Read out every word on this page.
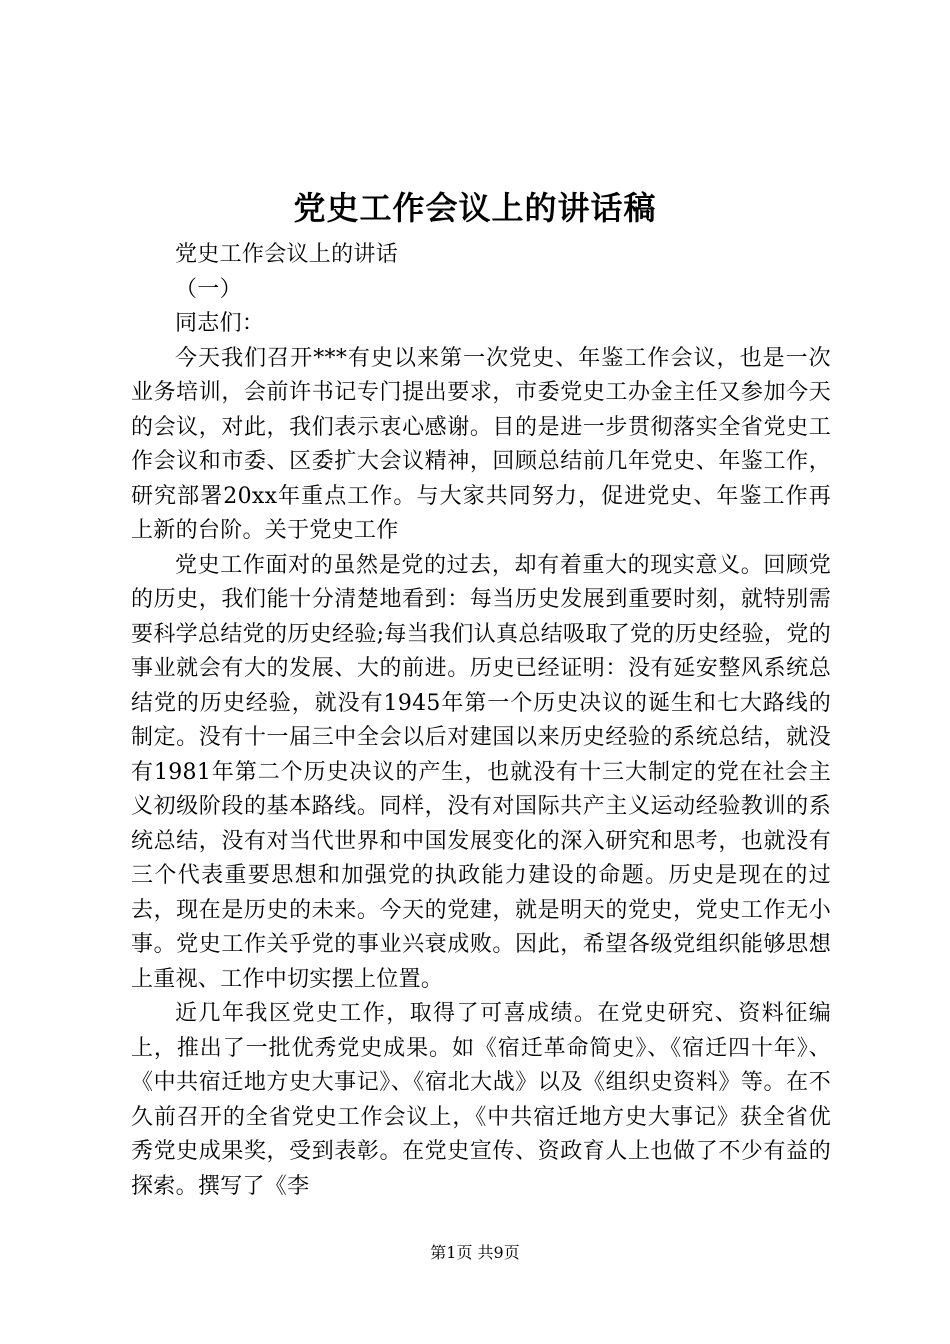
党史工作会议上的讲话稿

党史工作会议上的讲话

（一）

同志们：

今天我们召开***有史以来第一次党史、年鉴工作会议，也是一次业务培训，会前许书记专门提出要求，市委党史工办金主任又参加今天的会议，对此，我们表示衷心感谢。目的是进一步贯彻落实全省党史工作会议和市委、区委扩大会议精神，回顾总结前几年党史、年鉴工作，研究部署20xx年重点工作。与大家共同努力，促进党史、年鉴工作再上新的台阶。关于党史工作

党史工作面对的虽然是党的过去，却有着重大的现实意义。回顾党的历史，我们能十分清楚地看到：每当历史发展到重要时刻，就特别需要科学总结党的历史经验;每当我们认真总结吸取了党的历史经验，党的事业就会有大的发展、大的前进。历史已经证明：没有延安整风系统总结党的历史经验，就没有1945年第一个历史决议的诞生和七大路线的制定。没有十一届三中全会以后对建国以来历史经验的系统总结，就没有1981年第二个历史决议的产生，也就没有十三大制定的党在社会主义初级阶段的基本路线。同样，没有对国际共产主义运动经验教训的系统总结，没有对当代世界和中国发展变化的深入研究和思考，也就没有三个代表重要思想和加强党的执政能力建设的命题。历史是现在的过去，现在是历史的未来。今天的党建，就是明天的党史，党史工作无小事。党史工作关乎党的事业兴衰成败。因此，希望各级党组织能够思想上重视、工作中切实摆上位置。

近几年我区党史工作，取得了可喜成绩。在党史研究、资料征编上，推出了一批优秀党史成果。如《宿迁革命简史》、《宿迁四十年》、《中共宿迁地方史大事记》、《宿北大战》以及《组织史资料》等。在不久前召开的全省党史工作会议上，《中共宿迁地方史大事记》获全省优秀党史成果奖，受到表彰。在党史宣传、资政育人上也做了不少有益的探索。撰写了《李

第1页 共9页
